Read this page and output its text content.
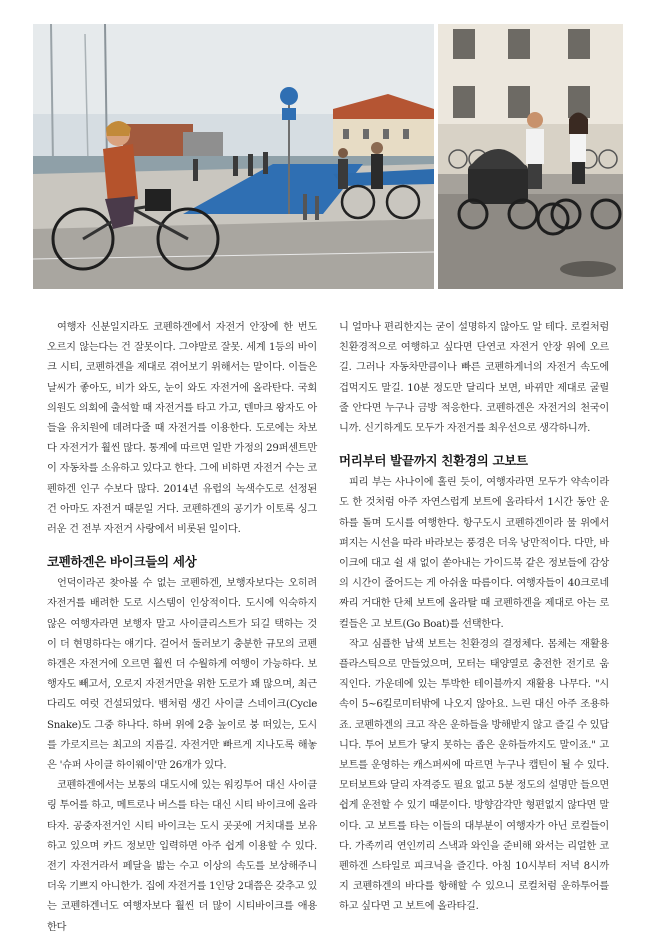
여행자 신분일지라도 코펜하겐에서 자전거 안장에 한 번도 오르지 않는다는 건 잘못이다. 그야말로 잘못. 세계 1등의 바이크 시티, 코펜하겐을 제대로 겪어보기 위해서는 말이다. 이들은 날씨가 좋아도, 비가 와도, 눈이 와도 자전거에 올라탄다. 국회의원도 의회에 출석할 때 자전거를 타고 가고, 덴마크 왕자도 아들을 유치원에 데려다줄 때 자전거를 이용한다. 도로에는 차보다 자전거가 훨씬 많다. 통계에 따르면 일반 가정의 29퍼센트만이 자동차를 소유하고 있다고 한다. 그에 비하면 자전거 수는 코펜하겐 인구 수보다 많다. 2014년 유럽의 녹색수도로 선정된 건 아마도 자전거 때문일 거다. 코펜하겐의 공기가 이토록 싱그러운 건 전부 자전거 사랑에서 비롯된 일이다.

코펜하겐은 바이크들의 세상

언덕이라곤 찾아볼 수 없는 코펜하겐, 보행자보다는 오히려 자전거를 배려한 도로 시스템이 인상적이다. 도시에 익숙하지 않은 여행자라면 보행자 말고 사이클리스트가 되길 택하는 것이 더 현명하다는 얘기다. 걸어서 둘러보기 충분한 규모의 코펜하겐은 자전거에 오르면 훨씬 더 수월하게 여행이 가능하다. 보행자도 빼고서, 오로지 자전거만을 위한 도로가 꽤 많으며, 최근 다리도 여럿 건설되었다. 뱀처럼 생긴 사이클 스네이크(Cycle Snake)도 그중 하나다. 하버 위에 2층 높이로 붕 떠있는, 도시를 가로지르는 최고의 지름길. 자전거만 빠르게 지나도록 해놓은 '슈퍼 사이클 하이웨이'만 26개가 있다.

코펜하겐에서는 보통의 대도시에 있는 워킹투어 대신 사이클링 투어를 하고, 메트로나 버스를 타는 대신 시티 바이크에 올라타자. 공중자전거인 시티 바이크는 도시 곳곳에 거치대를 보유하고 있으며 카드 정보만 입력하면 아주 쉽게 이용할 수 있다. 전기 자전거라서 페달을 밟는 수고 이상의 속도를 보상해주니 더욱 기쁘지 아니한가. 집에 자전거를 1인당 2대쯤은 갖추고 있는 코펜하겐너도 여행자보다 훨씬 더 많이 시티바이크를 애용한다

니 얼마나 편리한지는 굳이 설명하지 않아도 알 테다. 로컬처럼 친환경적으로 여행하고 싶다면 단연코 자전거 안장 위에 오르길. 그러나 자동차만큼이나 빠른 코펜하게너의 자전거 속도에 겁먹지도 말길. 10분 정도만 달리다 보면, 바뀌만 제대로 굴릴 줄 안다면 누구나 금방 적응한다. 코펜하겐은 자전거의 천국이니까. 신기하게도 모두가 자전거를 최우선으로 생각하니까.

머리부터 발끝까지 친환경의 고보트

피리 부는 사나이에 홀린 듯이, 여행자라면 모두가 약속이라도 한 것처럼 아주 자연스럽게 보트에 올라타서 1시간 동안 운하를 돌며 도시를 여행한다. 항구도시 코펜하겐이라 물 위에서 펴지는 시선을 따라 바라보는 풍경은 더욱 낭만적이다. 다만, 바이크에 대고 쉴 새 없이 쏟아내는 가이드북 같은 정보들에 감상의 시간이 줄어드는 게 아쉬울 따름이다. 여행자들이 40크로네 짜리 거대한 단체 보트에 올라탈 때 코펜하겐을 제대로 아는 로컬들은 고 보트(Go Boat)를 선택한다.

작고 심플한 납색 보트는 친환경의 결정체다. 몸체는 재활용 플라스틱으로 만들었으며, 모터는 태양열로 충전한 전기로 움직인다. 가운데에 있는 투박한 테이블까지 재활용 나무다. "시속이 5~6킬로미터밖에 나오지 않아요. 느린 대신 아주 조용하죠. 코펜하겐의 크고 작은 운하들을 방해받지 않고 즐길 수 있답니다. 투어 보트가 닿지 못하는 좁은 운하들까지도 말이죠." 고 보트를 운영하는 캐스퍼씨에 따르면 누구나 캡틴이 될 수 있다. 모터보트와 달리 자격증도 필요 없고 5분 정도의 설명만 들으면 쉽게 운전할 수 있기 때문이다. 방향감각만 형편없지 않다면 말이다. 고 보트를 타는 이들의 대부분이 여행자가 아닌 로컬들이다. 가족끼리 연인끼리 스낵과 와인을 준비해 와서는 리얼한 코펜하겐 스타일로 피크닉을 즐긴다. 아침 10시부터 저녁 8시까지 코펜하겐의 바다를 항해할 수 있으니 로컬처럼 운하투어를 하고 싶다면 고 보트에 올라타길.
